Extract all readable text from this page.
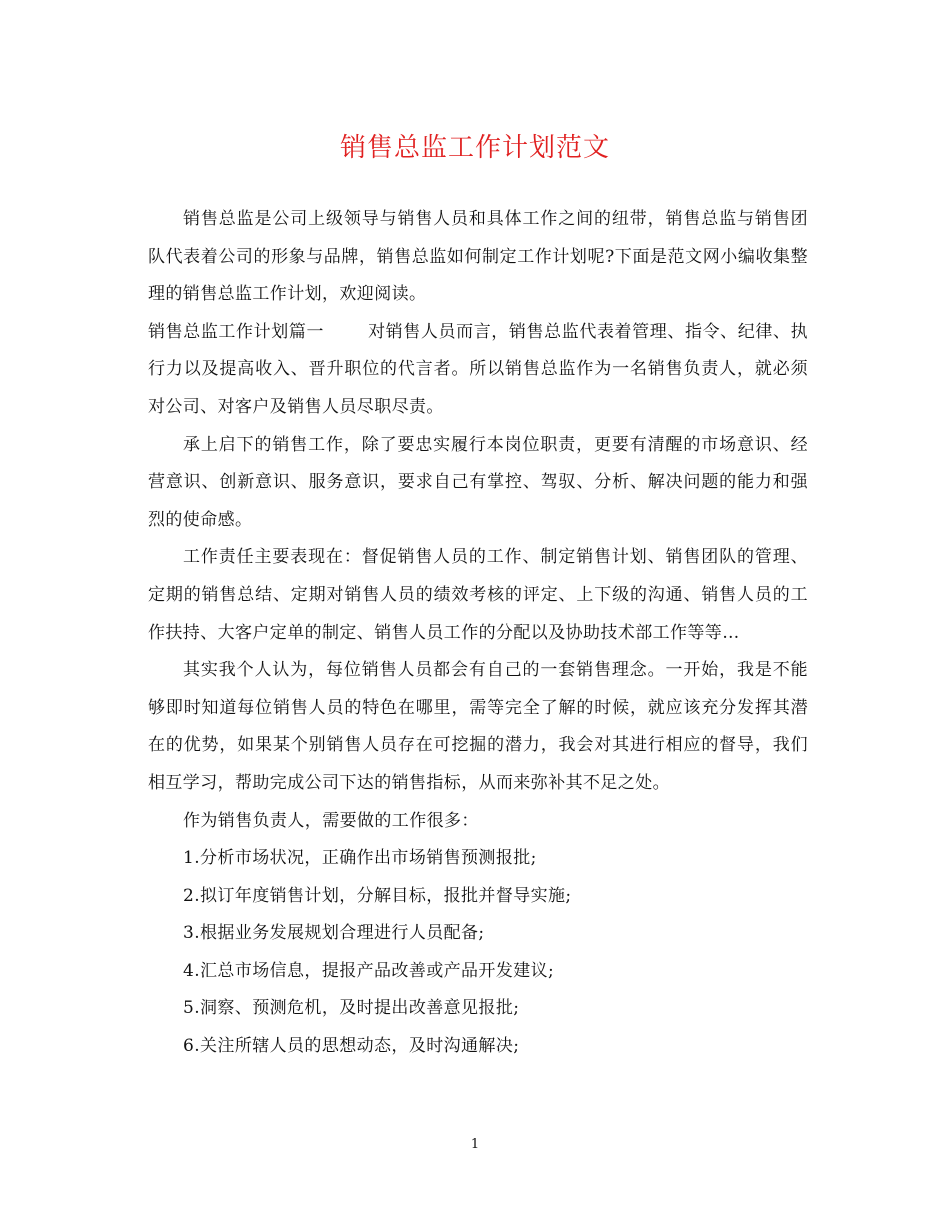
销售总监工作计划范文

销售总监是公司上级领导与销售人员和具体工作之间的纽带，销售总监与销售团队代表着公司的形象与品牌，销售总监如何制定工作计划呢?下面是范文网小编收集整理的销售总监工作计划，欢迎阅读。

销售总监工作计划篇一	对销售人员而言，销售总监代表着管理、指令、纪律、执行力以及提高收入、晋升职位的代言者。所以销售总监作为一名销售负责人，就必须对公司、对客户及销售人员尽职尽责。

承上启下的销售工作，除了要忠实履行本岗位职责，更要有清醒的市场意识、经营意识、创新意识、服务意识，要求自己有掌控、驾驭、分析、解决问题的能力和强烈的使命感。

工作责任主要表现在：督促销售人员的工作、制定销售计划、销售团队的管理、定期的销售总结、定期对销售人员的绩效考核的评定、上下级的沟通、销售人员的工作扶持、大客户定单的制定、销售人员工作的分配以及协助技术部工作等等…

其实我个人认为，每位销售人员都会有自己的一套销售理念。一开始，我是不能够即时知道每位销售人员的特色在哪里，需等完全了解的时候，就应该充分发挥其潜在的优势，如果某个别销售人员存在可挖掘的潜力，我会对其进行相应的督导，我们相互学习，帮助完成公司下达的销售指标，从而来弥补其不足之处。

作为销售负责人，需要做的工作很多：

1.分析市场状况，正确作出市场销售预测报批;

2.拟订年度销售计划，分解目标，报批并督导实施;

3.根据业务发展规划合理进行人员配备;

4.汇总市场信息，提报产品改善或产品开发建议;

5.洞察、预测危机，及时提出改善意见报批;

6.关注所辖人员的思想动态，及时沟通解决;

1
